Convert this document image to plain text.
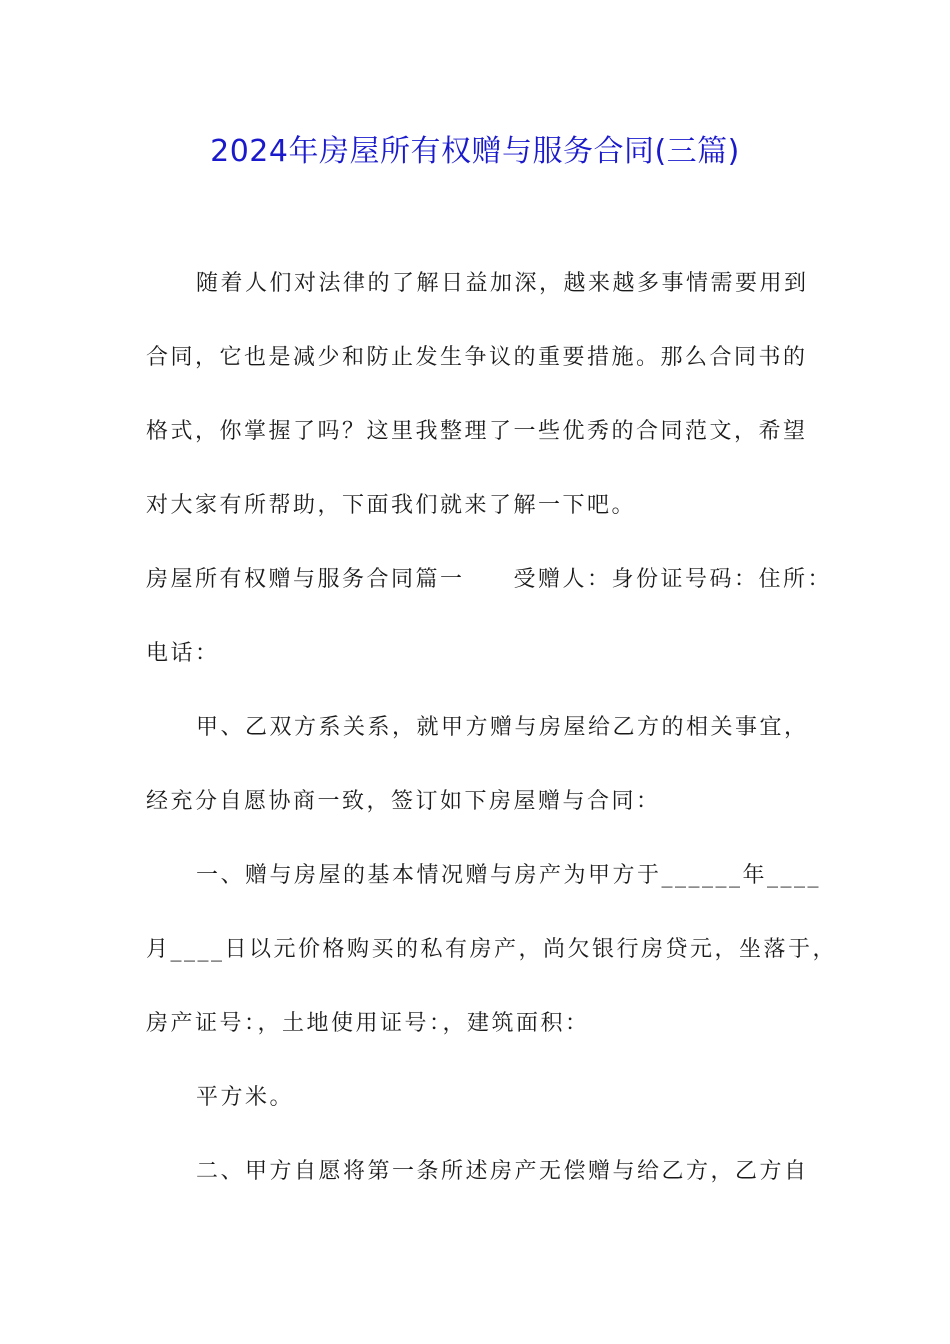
2024年房屋所有权赠与服务合同(三篇)
随着人们对法律的了解日益加深，越来越多事情需要用到
合同，它也是减少和防止发生争议的重要措施。那么合同书的
格式，你掌握了吗？这里我整理了一些优秀的合同范文，希望
对大家有所帮助，下面我们就来了解一下吧。
房屋所有权赠与服务合同篇一　　受赠人：身份证号码：住所：
电话：
甲、乙双方系关系，就甲方赠与房屋给乙方的相关事宜，
经充分自愿协商一致，签订如下房屋赠与合同：
一、赠与房屋的基本情况赠与房产为甲方于______年____
月____日以元价格购买的私有房产，尚欠银行房贷元，坐落于，
房产证号：，土地使用证号：，建筑面积：
平方米。
二、甲方自愿将第一条所述房产无偿赠与给乙方，乙方自
